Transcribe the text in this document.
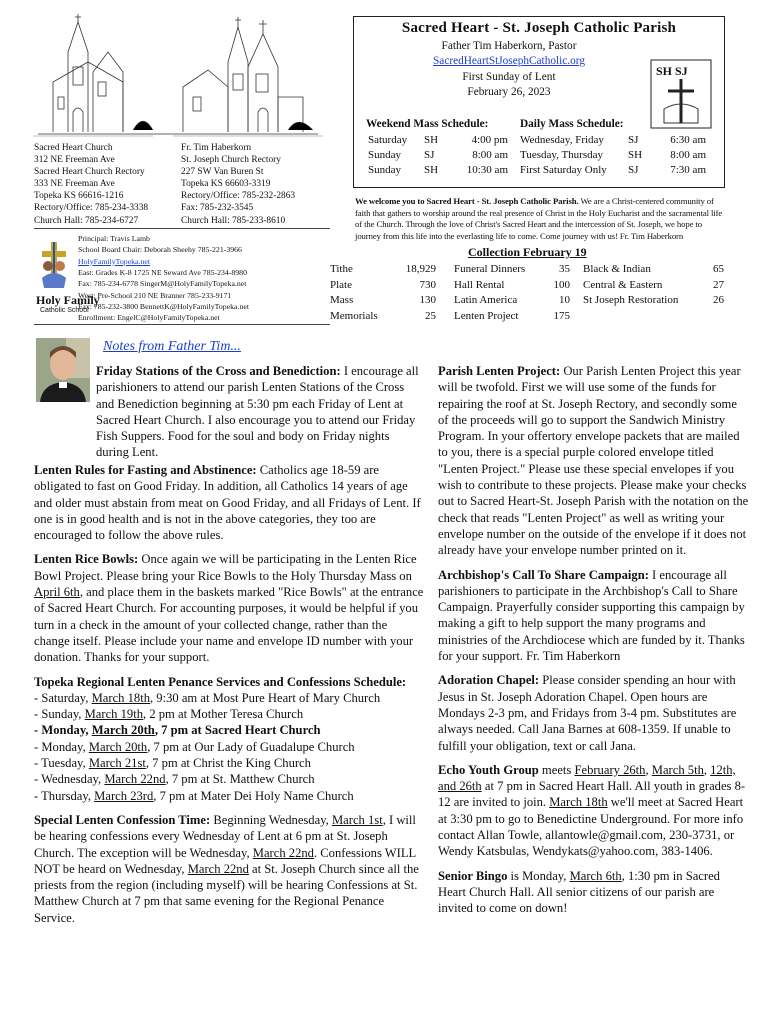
Sacred Heart Church
312 NE Freeman Ave
Sacred Heart Church Rectory
333 NE Freeman Ave
Topeka KS 66616-1216
Rectory/Office: 785-234-3338
Church Hall: 785-234-6727
Fr. Tim Haberkorn
St. Joseph Church Rectory
227 SW Van Buren St
Topeka KS 66603-3319
Rectory/Office: 785-232-2863
Fax: 785-232-3545
Church Hall: 785-233-8610
Sacred Heart - St. Joseph Catholic Parish
Father Tim Haberkorn, Pastor
SacredHeartStJosephCatholic.org
First Sunday of Lent
February 26, 2023
SH SJ
Weekend Mass Schedule:	Daily Mass Schedule:
Saturday
Sunday
Sunday
SH
SJ
SH
4:00 pm
8:00 am
10:30 am
Wednesday, Friday
Tuesday, Thursday
First Saturday Only
SJ
SH
SJ
6:30 am
8:00 am
7:30 am
We welcome you to Sacred Heart - St. Joseph Catholic Parish. We are a Christ-centered community of faith that gathers to worship around the real presence of Christ in the Holy Eucharist and the sacramental life of the Church. Through the love of Christ's Sacred Heart and the intercession of St. Joseph, we hope to journey from this life into the everlasting life to come. Come journey with us! Fr. Tim Haberkorn
Holy Family
Catholic School
Principal: Travis Lamb
School Board Chair: Deborah Sheehy 785-221-3966
HolyFamilyTopeka.net
East: Grades K-8 1725 NE Seward Ave 785-234-8980
Fax: 785-234-6778 SingerM@HolyFamilyTopeka.net
West: Pre-School 210 NE Branner 785-233-9171
Fax: 785-232-3800 BennettK@HolyFamilyTopeka.net
Enrollment: EngelC@HolyFamilyTopeka.net
Collection February 19
Tithe
Plate
Mass
Memorials
18,929
730
130
25
Funeral Dinners
Hall Rental
Latin America
Lenten Project
35
100
10
175
Black & Indian
Central & Eastern
St Joseph Restoration
65
27
26
Notes from Father Tim...

Friday Stations of the Cross and Benediction: I encourage all parishioners to attend our parish Lenten Stations of the Cross and Benediction beginning at 5:30 pm each Friday of Lent at Sacred Heart Church. I also encourage you to attend our Friday Fish Suppers. Food for the soul and body on Friday nights during Lent.

Lenten Rules for Fasting and Abstinence: Catholics age 18-59 are obligated to fast on Good Friday. In addition, all Catholics 14 years of age and older must abstain from meat on Good Friday, and all Fridays of Lent. If one is in good health and is not in the above categories, they too are encouraged to follow the above rules.

Lenten Rice Bowls: Once again we will be participating in the Lenten Rice Bowl Project. Please bring your Rice Bowls to the Holy Thursday Mass on April 6th, and place them in the baskets marked "Rice Bowls" at the entrance of Sacred Heart Church. For accounting purposes, it would be helpful if you turn in a check in the amount of your collected change, rather than the change itself. Please include your name and envelope ID number with your donation. Thanks for your support.

Topeka Regional Lenten Penance Services and Confessions Schedule:
- Saturday, March 18th, 9:30 am at Most Pure Heart of Mary Church
- Sunday, March 19th, 2 pm at Mother Teresa Church
- Monday, March 20th, 7 pm at Sacred Heart Church
- Monday, March 20th, 7 pm at Our Lady of Guadalupe Church
- Tuesday, March 21st, 7 pm at Christ the King Church
- Wednesday, March 22nd, 7 pm at St. Matthew Church
- Thursday, March 23rd, 7 pm at Mater Dei Holy Name Church

Special Lenten Confession Time: Beginning Wednesday, March 1st, I will be hearing confessions every Wednesday of Lent at 6 pm at St. Joseph Church. The exception will be Wednesday, March 22nd. Confessions WILL NOT be heard on Wednesday, March 22nd at St. Joseph Church since all the priests from the region (including myself) will be hearing Confessions at St. Matthew Church at 7 pm that same evening for the Regional Penance Service.

Parish Lenten Project: Our Parish Lenten Project this year will be twofold. First we will use some of the funds for repairing the roof at St. Joseph Rectory, and secondly some of the proceeds will go to support the Sandwich Ministry Program. In your offertory envelope packets that are mailed to you, there is a special purple colored envelope titled "Lenten Project." Please use these special envelopes if you wish to contribute to these projects. Please make your checks out to Sacred Heart-St. Joseph Parish with the notation on the check that reads "Lenten Project" as well as writing your envelope number on the outside of the envelope if it does not already have your envelope number printed on it.

Archbishop's Call To Share Campaign: I encourage all parishioners to participate in the Archbishop's Call to Share Campaign. Prayerfully consider supporting this campaign by making a gift to help support the many programs and ministries of the Archdiocese which are funded by it. Thanks for your support. Fr. Tim Haberkorn

Adoration Chapel: Please consider spending an hour with Jesus in St. Joseph Adoration Chapel. Open hours are Mondays 2-3 pm, and Fridays from 3-4 pm. Substitutes are always needed. Call Jana Barnes at 608-1359. If unable to fulfill your obligation, text or call Jana.

Echo Youth Group meets February 26th, March 5th, 12th, and 26th at 7 pm in Sacred Heart Hall. All youth in grades 8-12 are invited to join. March 18th we'll meet at Sacred Heart at 3:30 pm to go to Benedictine Underground. For more info contact Allan Towle, allantowle@gmail.com, 230-3731, or Wendy Katsbulas, Wendykats@yahoo.com, 383-1406.

Senior Bingo is Monday, March 6th, 1:30 pm in Sacred Heart Church Hall. All senior citizens of our parish are invited to come on down!
